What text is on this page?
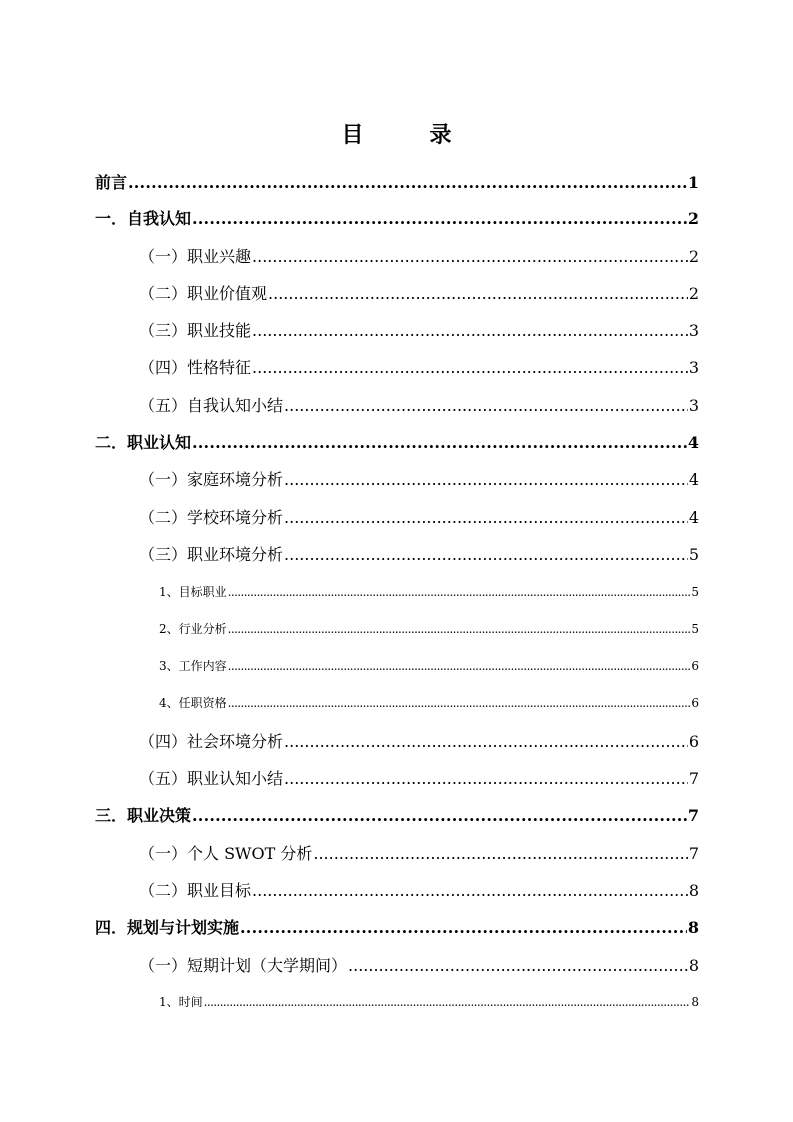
目　录
前言 .....	1
一．自我认知 .....	2
（一）职业兴趣 .....	2
（二）职业价值观 .....	2
（三）职业技能 .....	3
（四）性格特征 .....	3
（五）自我认知小结 .....	3
二．职业认知 .....	4
（一）家庭环境分析 .....	4
（二）学校环境分析 .....	4
（三）职业环境分析 .....	5
1、目标职业 .....	5
2、行业分析 .....	5
3、工作内容 .....	6
4、任职资格 .....	6
（四）社会环境分析 .....	6
（五）职业认知小结 .....	7
三． 职业决策 .....	7
（一）个人 SWOT 分析 .....	7
（二）职业目标 .....	8
四． 规划与计划实施 .....	8
（一）短期计划（大学期间） .....	8
1、时间 .....	8
